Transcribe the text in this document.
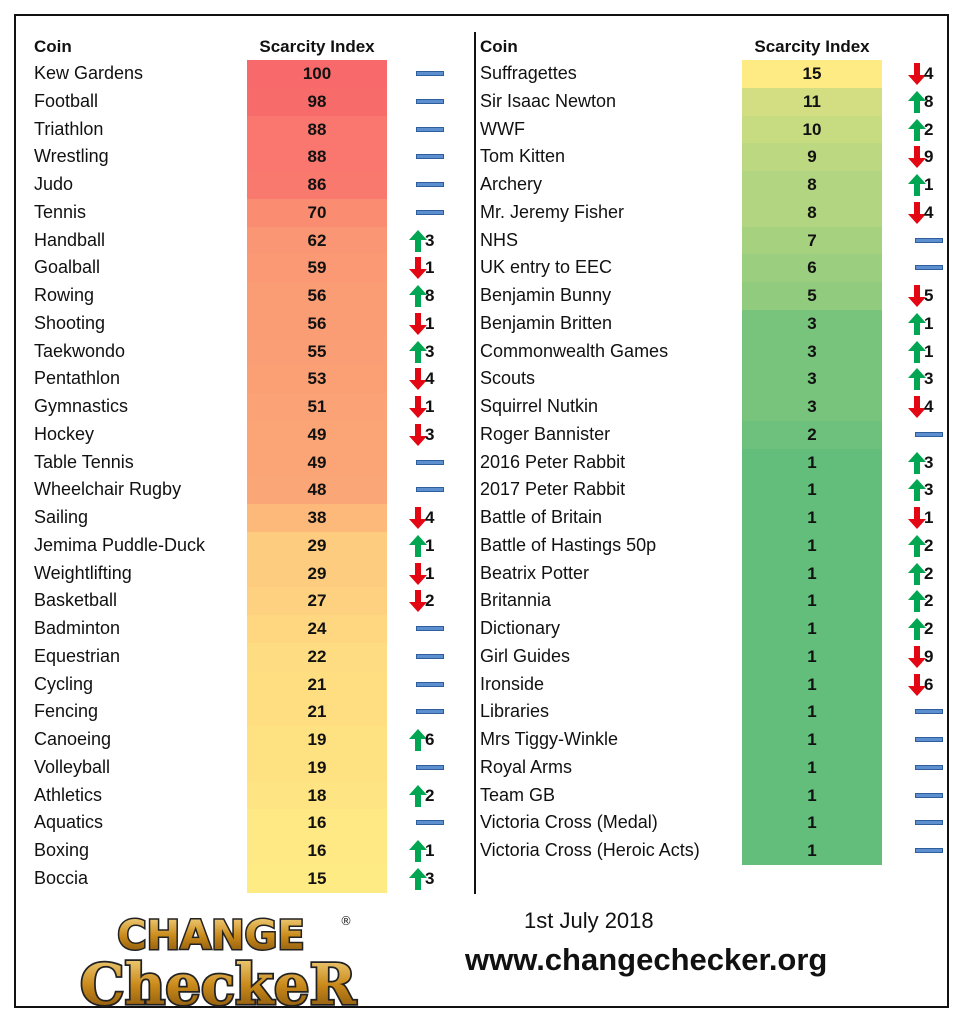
Coin	Scarcity Index
Kew Gardens	100
Football	98
Triathlon	88
Wrestling	88
Judo	86
Tennis	70
Handball	62	3
Goalball	59	1
Rowing	56	8
Shooting	56	1
Taekwondo	55	3
Pentathlon	53	4
Gymnastics	51	1
Hockey	49	3
Table Tennis	49
Wheelchair Rugby	48
Sailing	38	4
Jemima Puddle-Duck	29	1
Weightlifting	29	1
Basketball	27	2
Badminton	24
Equestrian	22
Cycling	21
Fencing	21
Canoeing	19	6
Volleyball	19
Athletics	18	2
Aquatics	16
Boxing	16	1
Boccia	15	3
Coin	Scarcity Index
Suffragettes	15	4
Sir Isaac Newton	11	8
WWF	10	2
Tom Kitten	9	9
Archery	8	1
Mr. Jeremy Fisher	8	4
NHS	7
UK entry to EEC	6
Benjamin Bunny	5	5
Benjamin Britten	3	1
Commonwealth Games	3	1
Scouts	3	3
Squirrel Nutkin	3	4
Roger Bannister	2
2016 Peter Rabbit	1	3
2017 Peter Rabbit	1	3
Battle of Britain	1	1
Battle of Hastings 50p	1	2
Beatrix Potter	1	2
Britannia	1	2
Dictionary	1	2
Girl Guides	1	9
Ironside	1	6
Libraries	1
Mrs Tiggy-Winkle	1
Royal Arms	1
Team GB	1
Victoria Cross (Medal)	1
Victoria Cross (Heroic Acts)	1
CHANGE	®
CheckeR
1st July 2018
www.changechecker.org
